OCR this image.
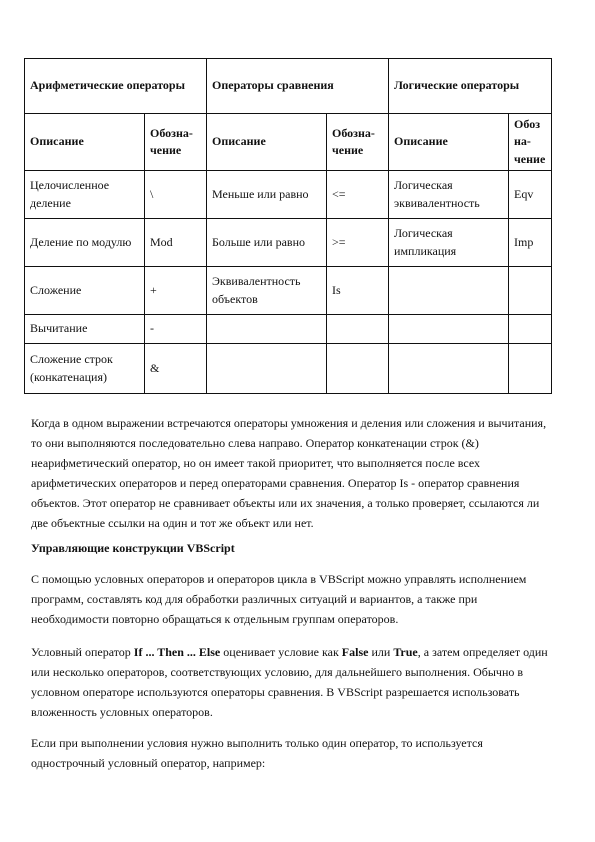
Арифметические операторы		Операторы сравнения		Логические операторы	
Описание	Обозна-чение	Описание	Обозна-чение	Описание	Обозна-чение
Целочисленное деление	\	Меньше или равно	<=	Логическая эквивалентность	Eqv
Деление по модулю	Mod	Больше или равно	>=	Логическая импликация	Imp
Сложение	+	Эквивалентность объектов	Is		
Вычитание	-				
Сложение строк (конкатенация)	&				

Когда в одном выражении встречаются операторы умножения и деления или сложения и вычитания, то они выполняются последовательно слева направо. Оператор конкатенации строк (&) неарифметический оператор, но он имеет такой приоритет, что выполняется после всех арифметических операторов и перед операторами сравнения. Оператор Is - оператор сравнения объектов. Этот оператор не сравнивает объекты или их значения, а только проверяет, ссылаются ли две объектные ссылки на один и тот же объект или нет.

Управляющие конструкции VBScript

С помощью условных операторов и операторов цикла в VBScript можно управлять исполнением программ, составлять код для обработки различных ситуаций и вариантов, а также при необходимости повторно обращаться к отдельным группам операторов.

Условный оператор If ... Then ... Else оценивает условие как False или True, а затем определяет один или несколько операторов, соответствующих условию, для дальнейшего выполнения. Обычно в условном операторе используются операторы сравнения. В VBScript разрешается использовать вложенность условных операторов.

Если при выполнении условия нужно выполнить только один оператор, то используется однострочный условный оператор, например:
